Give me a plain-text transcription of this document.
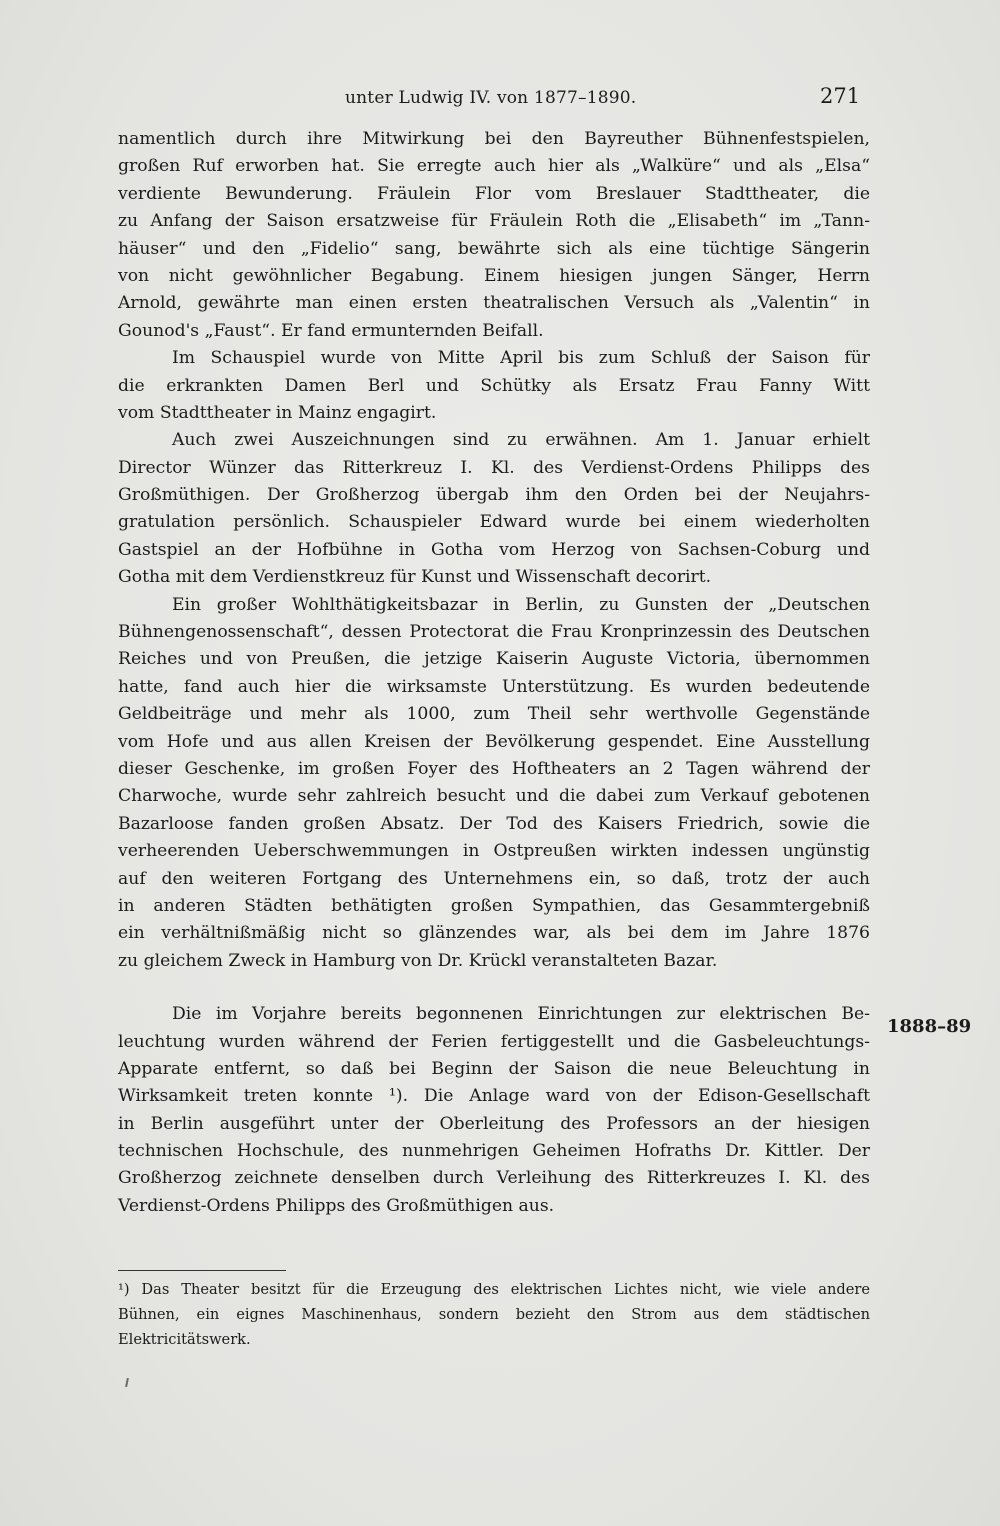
unter Ludwig IV. von 1877–1890.	271
namentlich durch ihre Mitwirkung bei den Bayreuther Bühnenfestspielen,
großen Ruf erworben hat. Sie erregte auch hier als „Walküre“ und als „Elsa“
verdiente Bewunderung. Fräulein Flor vom Breslauer Stadttheater, die
zu Anfang der Saison ersatzweise für Fräulein Roth die „Elisabeth“ im „Tann-
häuser“ und den „Fidelio“ sang, bewährte sich als eine tüchtige Sängerin
von nicht gewöhnlicher Begabung. Einem hiesigen jungen Sänger, Herrn
Arnold, gewährte man einen ersten theatralischen Versuch als „Valentin“ in
Gounod's „Faust“. Er fand ermunternden Beifall.
Im Schauspiel wurde von Mitte April bis zum Schluß der Saison für
die erkrankten Damen Berl und Schütky als Ersatz Frau Fanny Witt
vom Stadttheater in Mainz engagirt.
Auch zwei Auszeichnungen sind zu erwähnen. Am 1. Januar erhielt
Director Wünzer das Ritterkreuz I. Kl. des Verdienst-Ordens Philipps des
Großmüthigen. Der Großherzog übergab ihm den Orden bei der Neujahrs-
gratulation persönlich. Schauspieler Edward wurde bei einem wiederholten
Gastspiel an der Hofbühne in Gotha vom Herzog von Sachsen-Coburg und
Gotha mit dem Verdienstkreuz für Kunst und Wissenschaft decorirt.
Ein großer Wohlthätigkeitsbazar in Berlin, zu Gunsten der „Deutschen
Bühnengenossenschaft“, dessen Protectorat die Frau Kronprinzessin des Deutschen
Reiches und von Preußen, die jetzige Kaiserin Auguste Victoria, übernommen
hatte, fand auch hier die wirksamste Unterstützung. Es wurden bedeutende
Geldbeiträge und mehr als 1000, zum Theil sehr werthvolle Gegenstände
vom Hofe und aus allen Kreisen der Bevölkerung gespendet. Eine Ausstellung
dieser Geschenke, im großen Foyer des Hoftheaters an 2 Tagen während der
Charwoche, wurde sehr zahlreich besucht und die dabei zum Verkauf gebotenen
Bazarloose fanden großen Absatz. Der Tod des Kaisers Friedrich, sowie die
verheerenden Ueberschwemmungen in Ostpreußen wirkten indessen ungünstig
auf den weiteren Fortgang des Unternehmens ein, so daß, trotz der auch
in anderen Städten bethätigten großen Sympathien, das Gesammtergebniß
ein verhältnißmäßig nicht so glänzendes war, als bei dem im Jahre 1876
zu gleichem Zweck in Hamburg von Dr. Krückl veranstalteten Bazar.
Die im Vorjahre bereits begonnenen Einrichtungen zur elektrischen Be-
leuchtung wurden während der Ferien fertiggestellt und die Gasbeleuchtungs-
Apparate entfernt, so daß bei Beginn der Saison die neue Beleuchtung in
Wirksamkeit treten konnte ¹). Die Anlage ward von der Edison-Gesellschaft
in Berlin ausgeführt unter der Oberleitung des Professors an der hiesigen
technischen Hochschule, des nunmehrigen Geheimen Hofraths Dr. Kittler. Der
Großherzog zeichnete denselben durch Verleihung des Ritterkreuzes I. Kl. des
Verdienst-Ordens Philipps des Großmüthigen aus.
1888–89
¹) Das Theater besitzt für die Erzeugung des elektrischen Lichtes nicht, wie viele andere
Bühnen, ein eignes Maschinenhaus, sondern bezieht den Strom aus dem städtischen
Elektricitätswerk.
